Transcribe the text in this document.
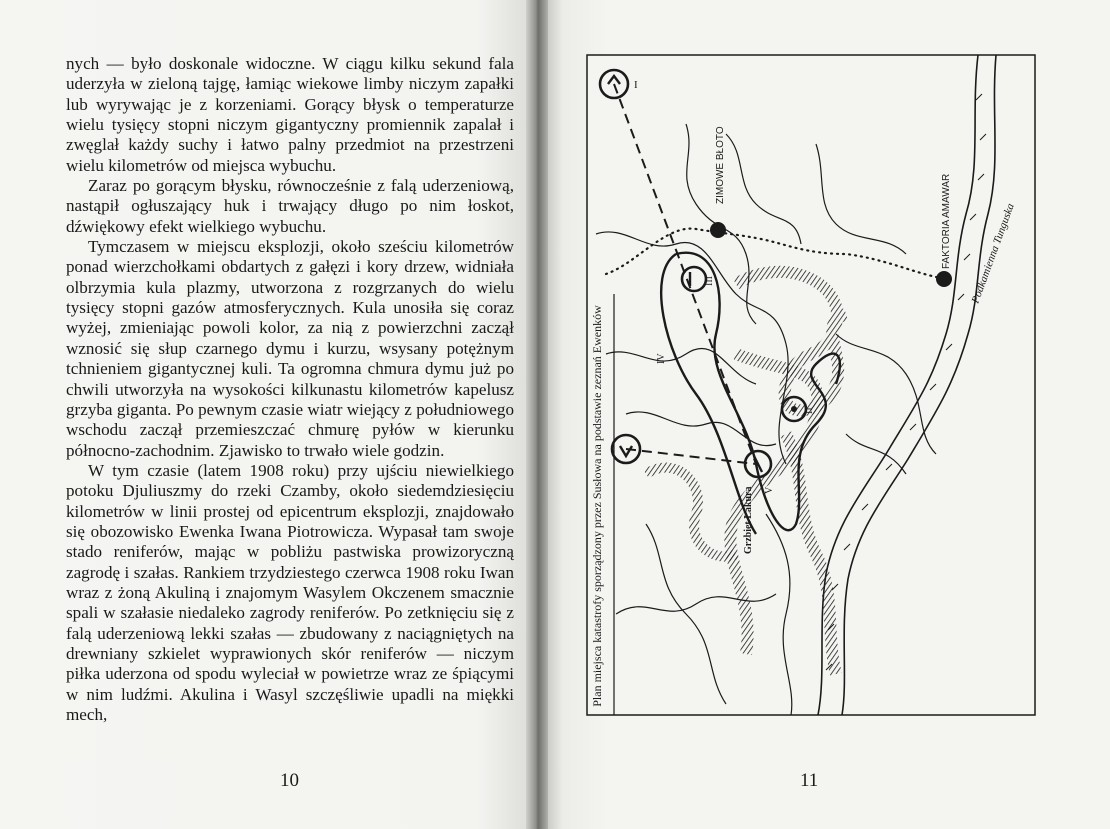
nych — było doskonale widoczne. W ciągu kilku sekund fala uderzyła w zieloną tajgę, łamiąc wiekowe limby niczym zapałki lub wyrywając je z korzeniami. Gorący błysk o temperaturze wielu tysięcy stopni niczym gigantyczny promiennik zapalał i zwęglał każdy suchy i łatwo palny przedmiot na przestrzeni wielu kilometrów od miejsca wybuchu.

Zaraz po gorącym błysku, równocześnie z falą uderzeniową, nastąpił ogłuszający huk i trwający długo po nim łoskot, dźwiękowy efekt wielkiego wybuchu.

Tymczasem w miejscu eksplozji, około sześciu kilometrów ponad wierzchołkami obdartych z gałęzi i kory drzew, widniała olbrzymia kula plazmy, utworzona z rozgrzanych do wielu tysięcy stopni gazów atmosferycznych. Kula unosiła się coraz wyżej, zmieniając powoli kolor, za nią z powierzchni zaczął wznosić się słup czarnego dymu i kurzu, wsysany potężnym tchnieniem gigantycznej kuli. Ta ogromna chmura dymu już po chwili utworzyła na wysokości kilkunastu kilometrów kapelusz grzyba giganta. Po pewnym czasie wiatr wiejący z południowego wschodu zaczął przemieszczać chmurę pyłów w kierunku północno-zachodnim. Zjawisko to trwało wiele godzin.

W tym czasie (latem 1908 roku) przy ujściu niewielkiego potoku Djuliuszmy do rzeki Czamby, około siedemdziesięciu kilometrów w linii prostej od epicentrum eksplozji, znajdowało się obozowisko Ewenka Iwana Piotrowicza. Wypasał tam swoje stado reniferów, mając w pobliżu pastwiska prowizoryczną zagrodę i szałas. Rankiem trzydziestego czerwca 1908 roku Iwan wraz z żoną Akuliną i znajomym Wasylem Okczenem smacznie spali w szałasie niedaleko zagrody reniferów. Po zetknięciu się z falą uderzeniową lekki szałas — zbudowany z naciągniętych na drewniany szkielet wyprawionych skór reniferów — niczym piłka uderzona od spodu wyleciał w powietrze wraz ze śpiącymi w nim ludźmi. Akulina i Wasyl szczęśliwie upadli na miękki mech,

10	11
ZIMOWE BŁOTO
FAKTORIA AMAWAR Podkamienna Tunguska
Grzbiet Lakura
I
III
II
IV
V
Plan miejsca katastrofy sporządzony przez Susłowa na podstawie zeznań Ewenków
